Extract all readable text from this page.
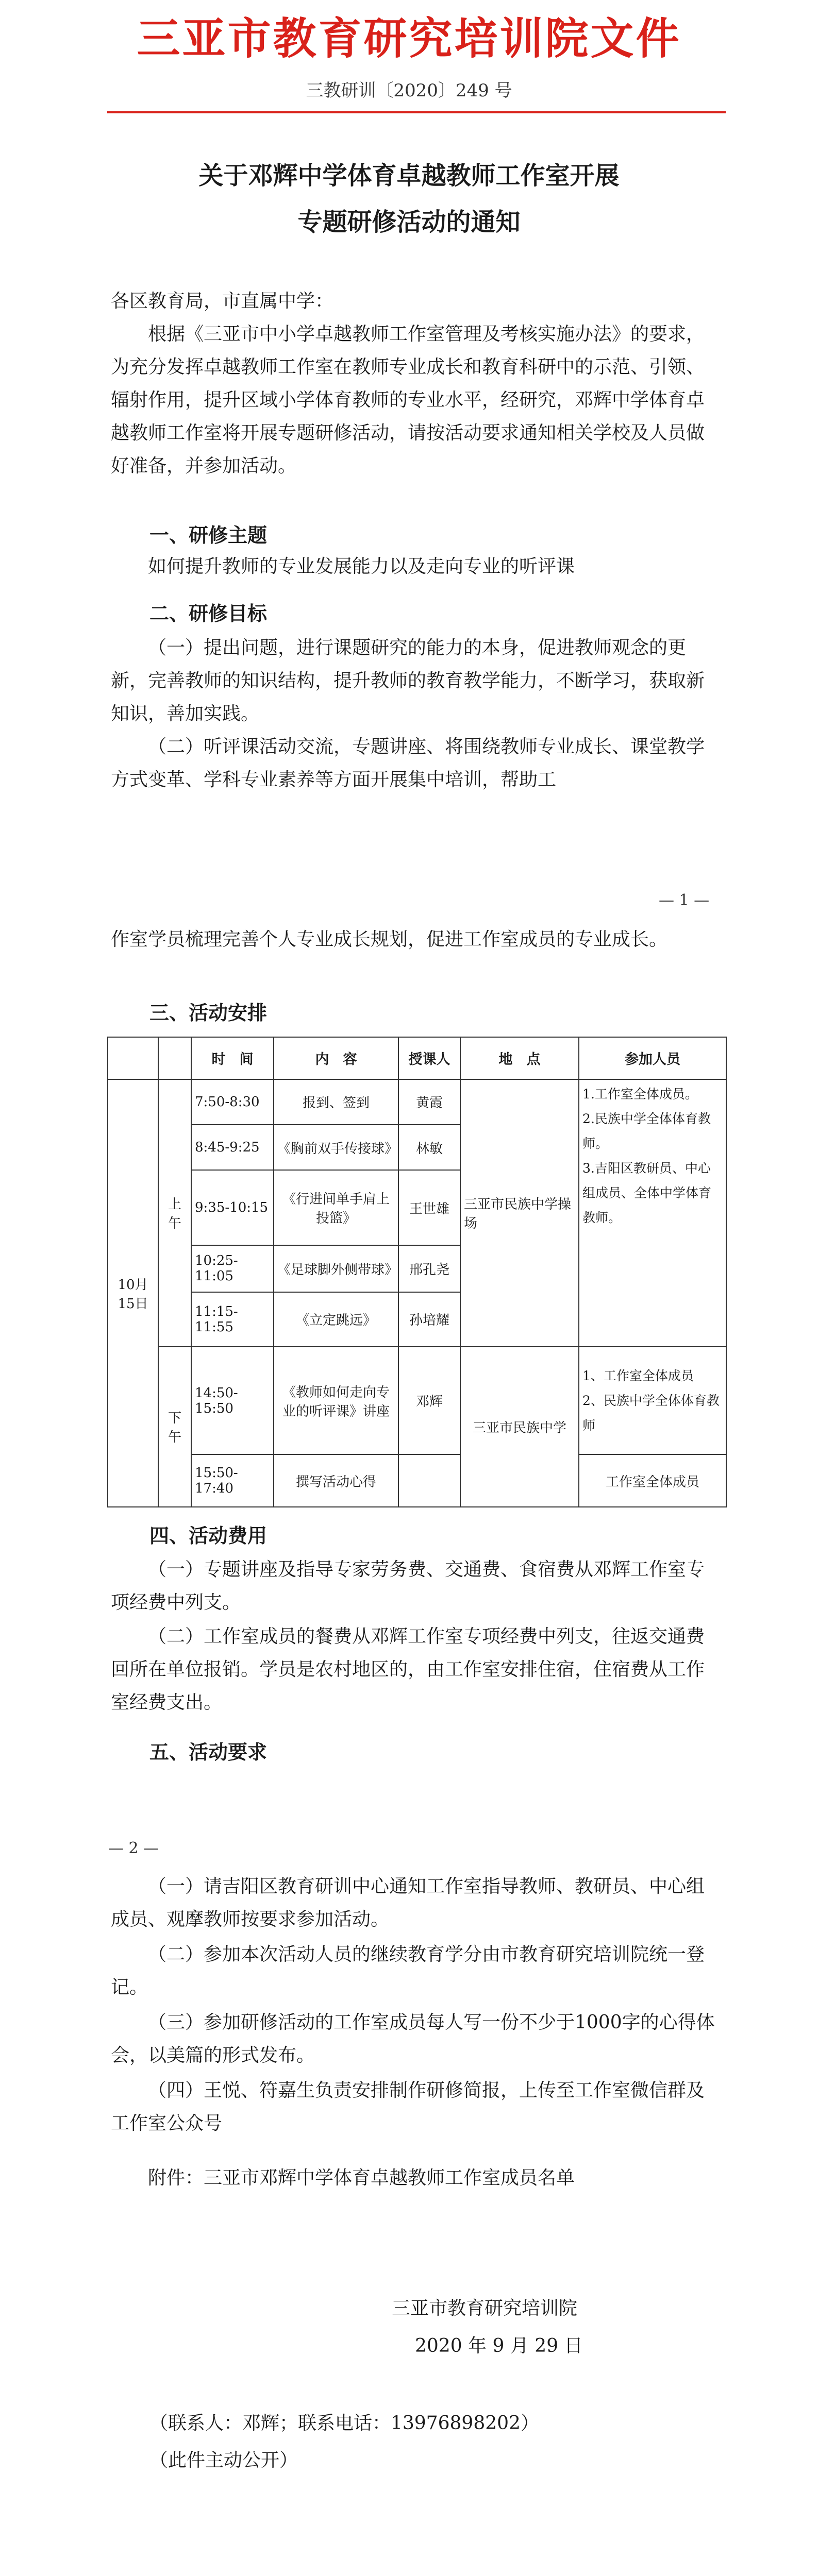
三亚市教育研究培训院文件
三教研训〔2020〕249 号
关于邓辉中学体育卓越教师工作室开展
专题研修活动的通知
各区教育局，市直属中学：
根据《三亚市中小学卓越教师工作室管理及考核实施办法》的要求，为充分发挥卓越教师工作室在教师专业成长和教育科研中的示范、引领、辐射作用，提升区域小学体育教师的专业水平，经研究，邓辉中学体育卓越教师工作室将开展专题研修活动，请按活动要求通知相关学校及人员做好准备，并参加活动。
一、研修主题
如何提升教师的专业发展能力以及走向专业的听评课
二、研修目标
（一）提出问题，进行课题研究的能力的本身，促进教师观念的更新，完善教师的知识结构，提升教师的教育教学能力，不断学习，获取新知识，善加实践。
（二）听评课活动交流，专题讲座、将围绕教师专业成长、课堂教学方式变革、学科专业素养等方面开展集中培训，帮助工
— 1 —
作室学员梳理完善个人专业成长规划，促进工作室成员的专业成长。
三、活动安排
		时　间	内　容	授课人	地　点	参加人员
10月15日	上午	7:50-8:30	报到、签到	黄霞	三亚市民族中学操场	1.工作室全体成员。
2.民族中学全体体育教师。
3.吉阳区教研员、中心组成员、全体中学体育教师。

		8:45-9:25	《胸前双手传接球》	林敏		
		9:35-10:15	《行进间单手肩上投篮》	王世雄		
		10:25-11:05	《足球脚外侧带球》	邢孔尧		
		11:15-11:55	《立定跳远》	孙培耀		
	下午	14:50-15:50	《教师如何走向专业的听评课》讲座	邓辉	三亚市民族中学	1、工作室全体成员
2、民族中学全体体育教师

		15:50-17:40	撰写活动心得			工作室全体成员
四、活动费用
（一）专题讲座及指导专家劳务费、交通费、食宿费从邓辉工作室专项经费中列支。
（二）工作室成员的餐费从邓辉工作室专项经费中列支，往返交通费回所在单位报销。学员是农村地区的，由工作室安排住宿，住宿费从工作室经费支出。
五、活动要求
— 2 —
（一）请吉阳区教育研训中心通知工作室指导教师、教研员、中心组成员、观摩教师按要求参加活动。
（二）参加本次活动人员的继续教育学分由市教育研究培训院统一登记。
（三）参加研修活动的工作室成员每人写一份不少于1000字的心得体会，以美篇的形式发布。
（四）王悦、符嘉生负责安排制作研修简报，上传至工作室微信群及工作室公众号
附件：三亚市邓辉中学体育卓越教师工作室成员名单
三亚市教育研究培训院
2020 年 9 月 29 日
（联系人：邓辉；联系电话：13976898202）
（此件主动公开）
